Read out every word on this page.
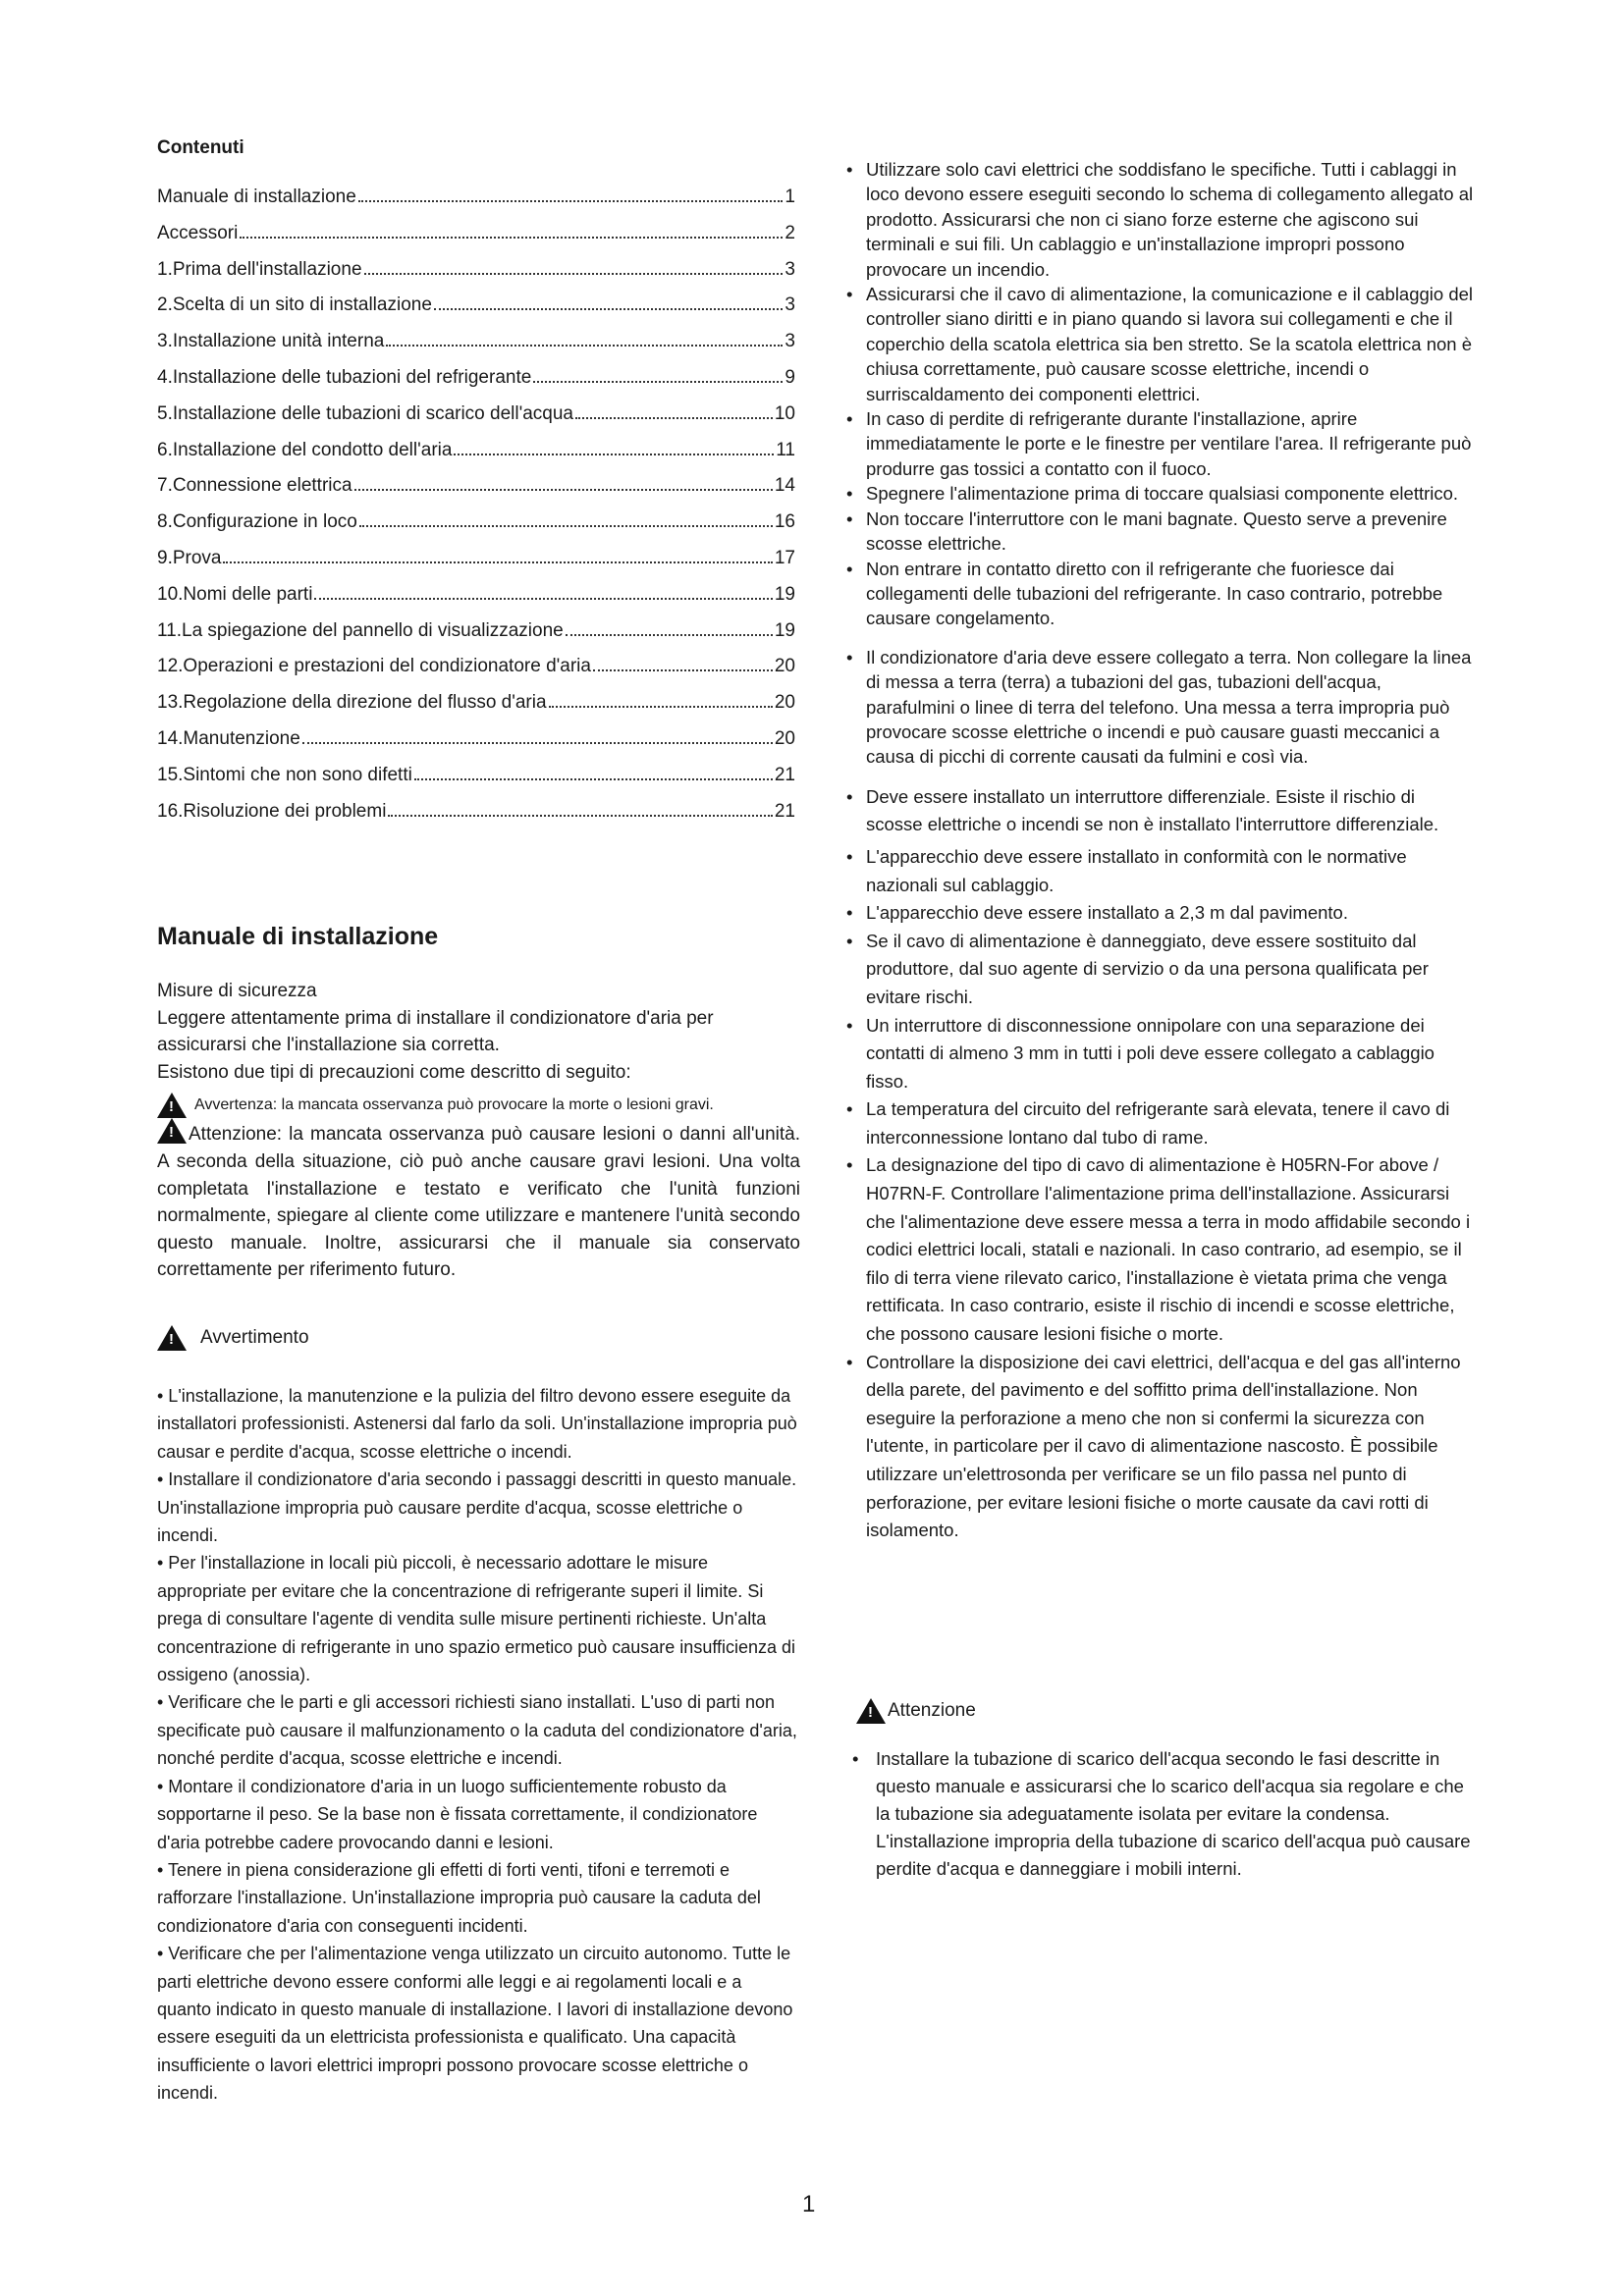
Contenuti
Manuale di installazione	1
Accessori	2
1.Prima dell'installazione	3
2.Scelta di un sito di installazione	3
3.Installazione unità interna	3
4.Installazione delle tubazioni del refrigerante	9
5.Installazione delle tubazioni di scarico dell'acqua	10
6.Installazione del condotto dell'aria	11
7.Connessione elettrica	14
8.Configurazione in loco	16
9.Prova	17
10.Nomi delle parti	19
11.La spiegazione del pannello di visualizzazione	19
12.Operazioni e prestazioni del condizionatore d'aria	20
13.Regolazione della direzione del flusso d'aria	20
14.Manutenzione	20
15.Sintomi che non sono difetti	21
16.Risoluzione dei problemi	21
Manuale di installazione

Misure di sicurezza

Leggere attentamente prima di installare il condizionatore d'aria per assicurarsi che l'installazione sia corretta.

Esistono due tipi di precauzioni come descritto di seguito:

!
Avvertenza: la mancata osservanza può provocare la morte o lesioni gravi.

!Attenzione: la mancata osservanza può causare lesioni o danni all'unità. A seconda della situazione, ciò può anche causare gravi lesioni. Una volta completata l'installazione e testato e verificato che l'unità funzioni normalmente, spiegare al cliente come utilizzare e mantenere l'unità secondo questo manuale. Inoltre, assicurarsi che il manuale sia conservato correttamente per riferimento futuro.

!
Avvertimento

• L'installazione, la manutenzione e la pulizia del filtro devono essere eseguite da installatori professionisti. Astenersi dal farlo da soli. Un'installazione impropria può causar e perdite d'acqua, scosse elettriche o incendi.

• Installare il condizionatore d'aria secondo i passaggi descritti in questo manuale. Un'installazione impropria può causare perdite d'acqua, scosse elettriche o incendi.

• Per l'installazione in locali più piccoli, è necessario adottare le misure appropriate per evitare che la concentrazione di refrigerante superi il limite. Si prega di consultare l'agente di vendita sulle misure pertinenti richieste. Un'alta concentrazione di refrigerante in uno spazio ermetico può causare insufficienza di ossigeno (anossia).

• Verificare che le parti e gli accessori richiesti siano installati. L'uso di parti non specificate può causare il malfunzionamento o la caduta del condizionatore d'aria, nonché perdite d'acqua, scosse elettriche e incendi.

• Montare il condizionatore d'aria in un luogo sufficientemente robusto da sopportarne il peso. Se la base non è fissata correttamente, il condizionatore d'aria potrebbe cadere provocando danni e lesioni.

• Tenere in piena considerazione gli effetti di forti venti, tifoni e terremoti e rafforzare l'installazione. Un'installazione impropria può causare la caduta del condizionatore d'aria con conseguenti incidenti.

• Verificare che per l'alimentazione venga utilizzato un circuito autonomo. Tutte le parti elettriche devono essere conformi alle leggi e ai regolamenti locali e a quanto indicato in questo manuale di installazione. I lavori di installazione devono essere eseguiti da un elettricista professionista e qualificato. Una capacità insufficiente o lavori elettrici impropri possono provocare scosse elettriche o incendi.

• Utilizzare solo cavi elettrici che soddisfano le specifiche. Tutti i cablaggi in loco devono essere eseguiti secondo lo schema di collegamento allegato al prodotto. Assicurarsi che non ci siano forze esterne che agiscono sui terminali e sui fili. Un cablaggio e un'installazione impropri possono provocare un incendio.
• Assicurarsi che il cavo di alimentazione, la comunicazione e il cablaggio del controller siano diritti e in piano quando si lavora sui collegamenti e che il coperchio della scatola elettrica sia ben stretto. Se la scatola elettrica non è chiusa correttamente, può causare scosse elettriche, incendi o surriscaldamento dei componenti elettrici.
• In caso di perdite di refrigerante durante l'installazione, aprire immediatamente le porte e le finestre per ventilare l'area. Il refrigerante può produrre gas tossici a contatto con il fuoco.
• Spegnere l'alimentazione prima di toccare qualsiasi componente elettrico.
• Non toccare l'interruttore con le mani bagnate. Questo serve a prevenire scosse elettriche.
• Non entrare in contatto diretto con il refrigerante che fuoriesce dai collegamenti delle tubazioni del refrigerante. In caso contrario, potrebbe causare congelamento.
• Il condizionatore d'aria deve essere collegato a terra. Non collegare la linea di messa a terra (terra) a tubazioni del gas, tubazioni dell'acqua, parafulmini o linee di terra del telefono. Una messa a terra impropria può provocare scosse elettriche o incendi e può causare guasti meccanici a causa di picchi di corrente causati da fulmini e così via.
• Deve essere installato un interruttore differenziale. Esiste il rischio di scosse elettriche o incendi se non è installato l'interruttore differenziale.
• L'apparecchio deve essere installato in conformità con le normative nazionali sul cablaggio.
• L'apparecchio deve essere installato a 2,3 m dal pavimento.
• Se il cavo di alimentazione è danneggiato, deve essere sostituito dal produttore, dal suo agente di servizio o da una persona qualificata per evitare rischi.
• Un interruttore di disconnessione onnipolare con una separazione dei contatti di almeno 3 mm in tutti i poli deve essere collegato a cablaggio fisso.
• La temperatura del circuito del refrigerante sarà elevata, tenere il cavo di interconnessione lontano dal tubo di rame.
• La designazione del tipo di cavo di alimentazione è H05RN-For above / H07RN-F. Controllare l'alimentazione prima dell'installazione. Assicurarsi che l'alimentazione deve essere messa a terra in modo affidabile secondo i codici elettrici locali, statali e nazionali. In caso contrario, ad esempio, se il filo di terra viene rilevato carico, l'installazione è vietata prima che venga rettificata. In caso contrario, esiste il rischio di incendi e scosse elettriche, che possono causare lesioni fisiche o morte.
• Controllare la disposizione dei cavi elettrici, dell'acqua e del gas all'interno della parete, del pavimento e del soffitto prima dell'installazione. Non eseguire la perforazione a meno che non si confermi la sicurezza con l'utente, in particolare per il cavo di alimentazione nascosto. È possibile utilizzare un'elettrosonda per verificare se un filo passa nel punto di perforazione, per evitare lesioni fisiche o morte causate da cavi rotti di isolamento.
!
Attenzione
• Installare la tubazione di scarico dell'acqua secondo le fasi descritte in questo manuale e assicurarsi che lo scarico dell'acqua sia regolare e che la tubazione sia adeguatamente isolata per evitare la condensa. L'installazione impropria della tubazione di scarico dell'acqua può causare perdite d'acqua e danneggiare i mobili interni.
1
